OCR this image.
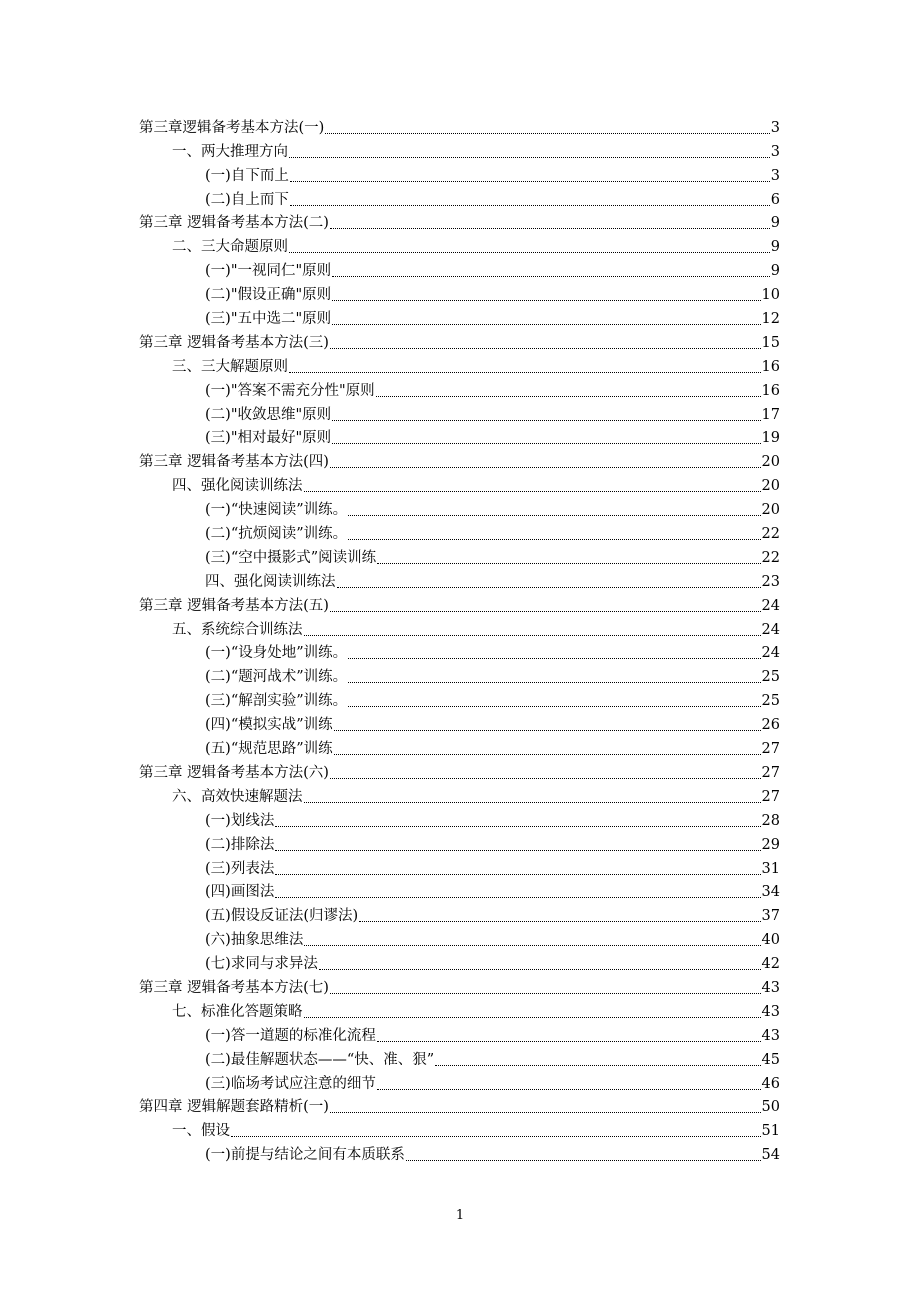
第三章逻辑备考基本方法(一)	3
一、两大推理方向	3
(一)自下而上	3
(二)自上而下	6
第三章 逻辑备考基本方法(二)	9
二、三大命题原则	9
(一)"一视同仁"原则	9
(二)"假设正确"原则	10
(三)"五中选二"原则	12
第三章 逻辑备考基本方法(三)	15
三、三大解题原则	16
(一)"答案不需充分性"原则	16
(二)"收敛思维"原则	17
(三)"相对最好"原则	19
第三章 逻辑备考基本方法(四)	20
四、强化阅读训练法	20
(一)“快速阅读”训练。	20
(二)“抗烦阅读”训练。	22
(三)“空中摄影式”阅读训练	22
四、强化阅读训练法	23
第三章 逻辑备考基本方法(五)	24
五、系统综合训练法	24
(一)“设身处地”训练。	24
(二)“题河战术”训练。	25
(三)“解剖实验”训练。	25
(四)“模拟实战”训练	26
(五)“规范思路”训练	27
第三章 逻辑备考基本方法(六)	27
六、高效快速解题法	27
(一)划线法	28
(二)排除法	29
(三)列表法	31
(四)画图法	34
(五)假设反证法(归谬法)	37
(六)抽象思维法	40
(七)求同与求异法	42
第三章 逻辑备考基本方法(七)	43
七、标准化答题策略	43
(一)答一道题的标准化流程	43
(二)最佳解题状态——“快、准、狠”	45
(三)临场考试应注意的细节	46
第四章 逻辑解题套路精析(一)	50
一、假设	51
(一)前提与结论之间有本质联系	54
1
